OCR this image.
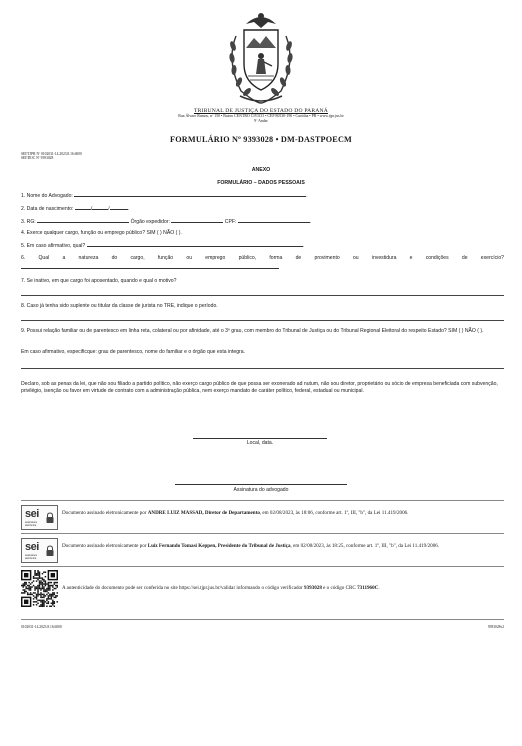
TRIBUNAL DE JUSTIÇA DO ESTADO DO PARANÁ
Rua Álvaro Ramos, nº 150 • Bairro CENTRO CÍVICO • CEP 80530-190 • Curitiba • PR • www.tjpr.jus.br
9º Andar
FORMULÁRIO Nº 9393028 • DM-DASTPOECM
SEI!TJPR Nº 0102031-14.2023.8.16.6000
SEI!DOC Nº 9393028
ANEXO
FORMULÁRIO – DADOS PESSOAIS
1. Nome do Advogado:	.
2. Data de nascimento:	/	/	.
3. RG:	Órgão expedidor:	CPF:	.
4. Exerce qualquer cargo, função ou emprego público? SIM ( ) NÃO ( ).
5. Em caso afirmativo, qual?	.
6. Qual a natureza do cargo, função ou emprego público, forma de provimento ou investidura e condições de exercício?
7. Se inativo, em que cargo foi aposentado, quando e qual o motivo?
8. Caso já tenha sido suplente ou titular da classe de jurista no TRE, indique o período.
9. Possui relação familiar ou de parentesco em linha reta, colateral ou por afinidade, até o 3º grau, com membro do Tribunal de Justiça ou do Tribunal Regional Eleitoral do respeito Estado? SIM ( ) NÃO ( ).
Em caso afirmativo, especificque: grau de parentesco, nome do familiar e o órgão que esta integra.
Declaro, sob as penas da lei, que não sou filiado a partido político, não exerço cargo público de que possa ser exonerado ad nutum, não sou diretor, proprietário ou sócio de empresa beneficiada com subvenção, privilégio, isenção ou favor em virtude de contrato com a administração pública, nem exerço mandato de caráter político, federal, estadual ou municipal.
Local, data.
Assinatura do advogado
sei
assinatura
eletrônica
Documento assinado eletronicamente por ANDRE LUIZ MASSAD, Diretor de Departamento, em 02/08/2023, às 18:06, conforme art. 1º, III, "b", da Lei 11.419/2006.
sei
assinatura
eletrônica
Documento assinado eletronicamente por Luiz Fernando Tomasi Keppen, Presidente do Tribunal de Justiça, em 02/08/2023, às 18:25, conforme art. 1º, III, "b", da Lei 11.419/2006.
A autenticidade do documento pode ser conferida no site https://sei.tjpr.jus.br/validar informando o código verificador 9393028 e o código CRC 7311960C.
0102031-14.2023.8.16.6000	9393028v2
